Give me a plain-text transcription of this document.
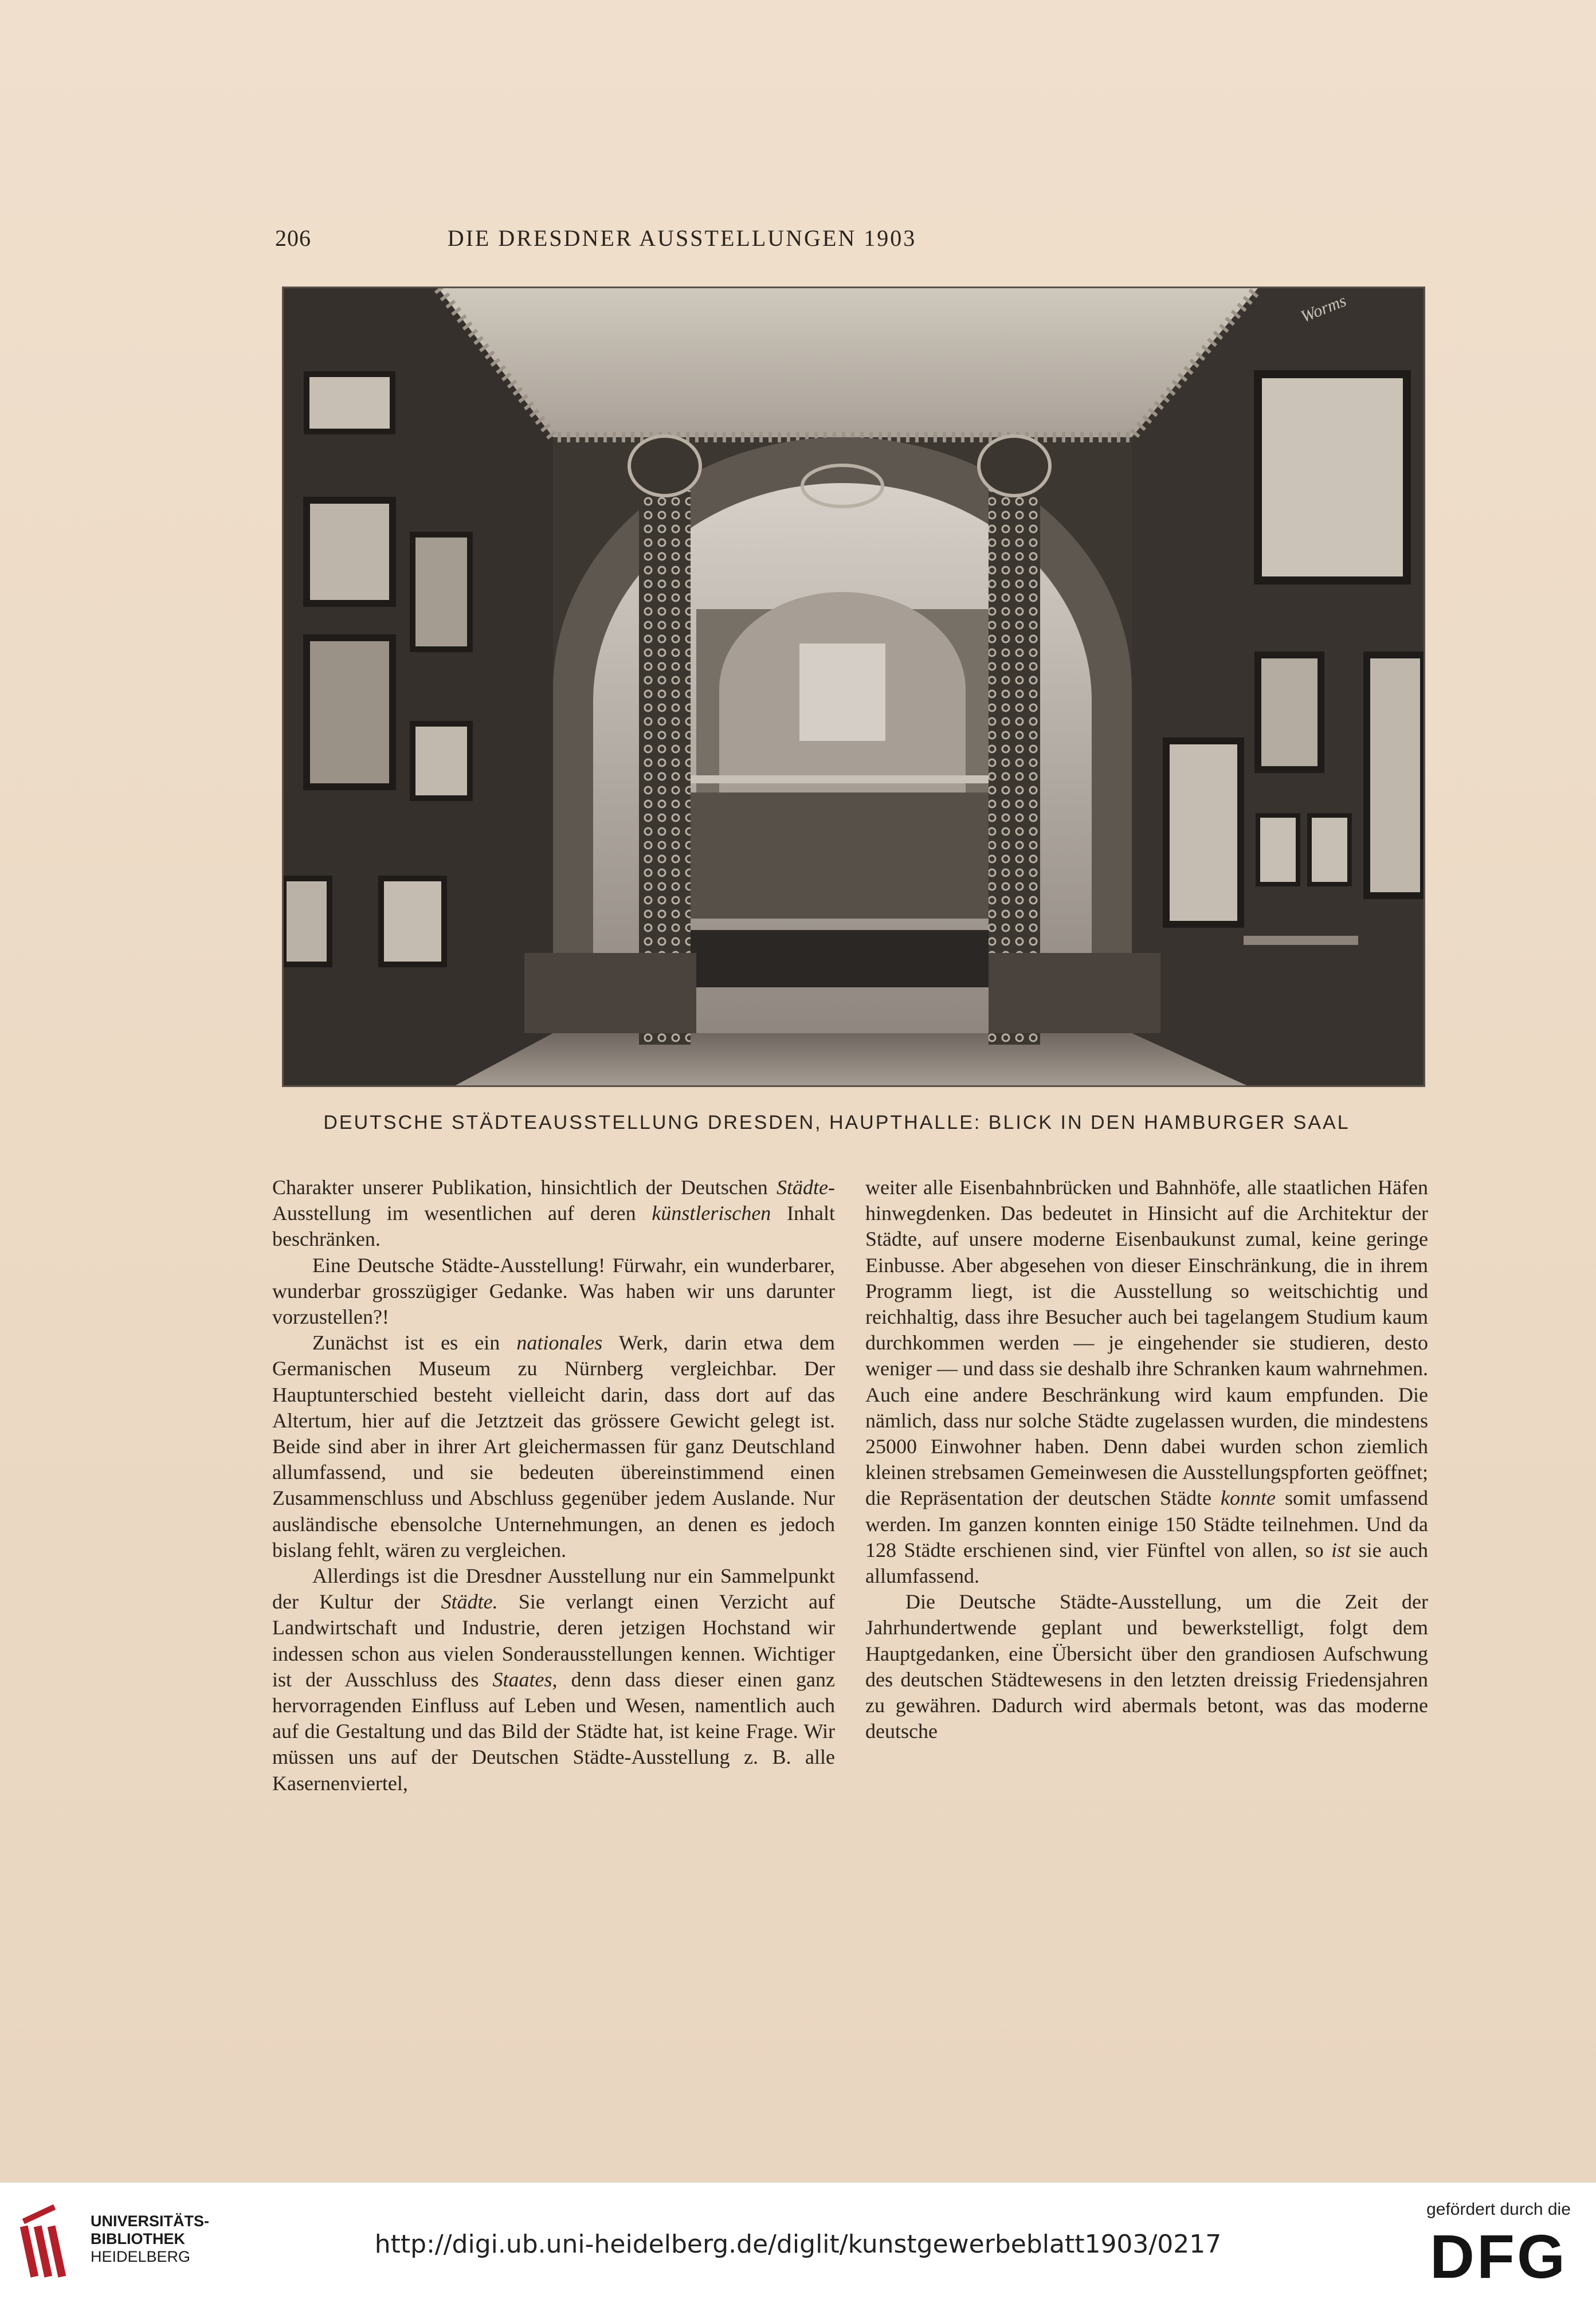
206	DIE DRESDNER AUSSTELLUNGEN 1903
Worms
DEUTSCHE STÄDTEAUSSTELLUNG DRESDEN, HAUPTHALLE: BLICK IN DEN HAMBURGER SAAL

Charakter unserer Publikation, hinsichtlich der Deutschen Städte-Ausstellung im wesentlichen auf deren künstlerischen Inhalt beschränken.

Eine Deutsche Städte-Ausstellung! Fürwahr, ein wunderbarer, wunderbar grosszügiger Gedanke. Was haben wir uns darunter vorzustellen?!

Zunächst ist es ein nationales Werk, darin etwa dem Germanischen Museum zu Nürnberg vergleichbar. Der Hauptunterschied besteht vielleicht darin, dass dort auf das Altertum, hier auf die Jetztzeit das grössere Gewicht gelegt ist. Beide sind aber in ihrer Art gleichermassen für ganz Deutschland allumfassend, und sie bedeuten übereinstimmend einen Zusammenschluss und Abschluss gegenüber jedem Auslande. Nur ausländische ebensolche Unternehmungen, an denen es jedoch bislang fehlt, wären zu vergleichen.

Allerdings ist die Dresdner Ausstellung nur ein Sammelpunkt der Kultur der Städte. Sie verlangt einen Verzicht auf Landwirtschaft und Industrie, deren jetzigen Hochstand wir indessen schon aus vielen Sonderausstellungen kennen. Wichtiger ist der Ausschluss des Staates, denn dass dieser einen ganz hervorragenden Einfluss auf Leben und Wesen, namentlich auch auf die Gestaltung und das Bild der Städte hat, ist keine Frage. Wir müssen uns auf der Deutschen Städte-Ausstellung z. B. alle Kasernenviertel,

weiter alle Eisenbahnbrücken und Bahnhöfe, alle staatlichen Häfen hinwegdenken. Das bedeutet in Hinsicht auf die Architektur der Städte, auf unsere moderne Eisenbaukunst zumal, keine geringe Einbusse. Aber abgesehen von dieser Einschränkung, die in ihrem Programm liegt, ist die Ausstellung so weitschichtig und reichhaltig, dass ihre Besucher auch bei tagelangem Studium kaum durchkommen werden — je eingehender sie studieren, desto weniger — und dass sie deshalb ihre Schranken kaum wahrnehmen. Auch eine andere Beschränkung wird kaum empfunden. Die nämlich, dass nur solche Städte zugelassen wurden, die mindestens 25000 Einwohner haben. Denn dabei wurden schon ziemlich kleinen strebsamen Gemeinwesen die Ausstellungspforten geöffnet; die Repräsentation der deutschen Städte konnte somit umfassend werden. Im ganzen konnten einige 150 Städte teilnehmen. Und da 128 Städte erschienen sind, vier Fünftel von allen, so ist sie auch allumfassend.

Die Deutsche Städte-Ausstellung, um die Zeit der Jahrhundertwende geplant und bewerkstelligt, folgt dem Hauptgedanken, eine Übersicht über den grandiosen Aufschwung des deutschen Städtewesens in den letzten dreissig Friedensjahren zu gewähren. Dadurch wird abermals betont, was das moderne deutsche

UNIVERSITÄTS-
BIBLIOTHEK
HEIDELBERG	http://digi.ub.uni-heidelberg.de/diglit/kunstgewerbeblatt1903/0217
gefördert durch die
DFG
